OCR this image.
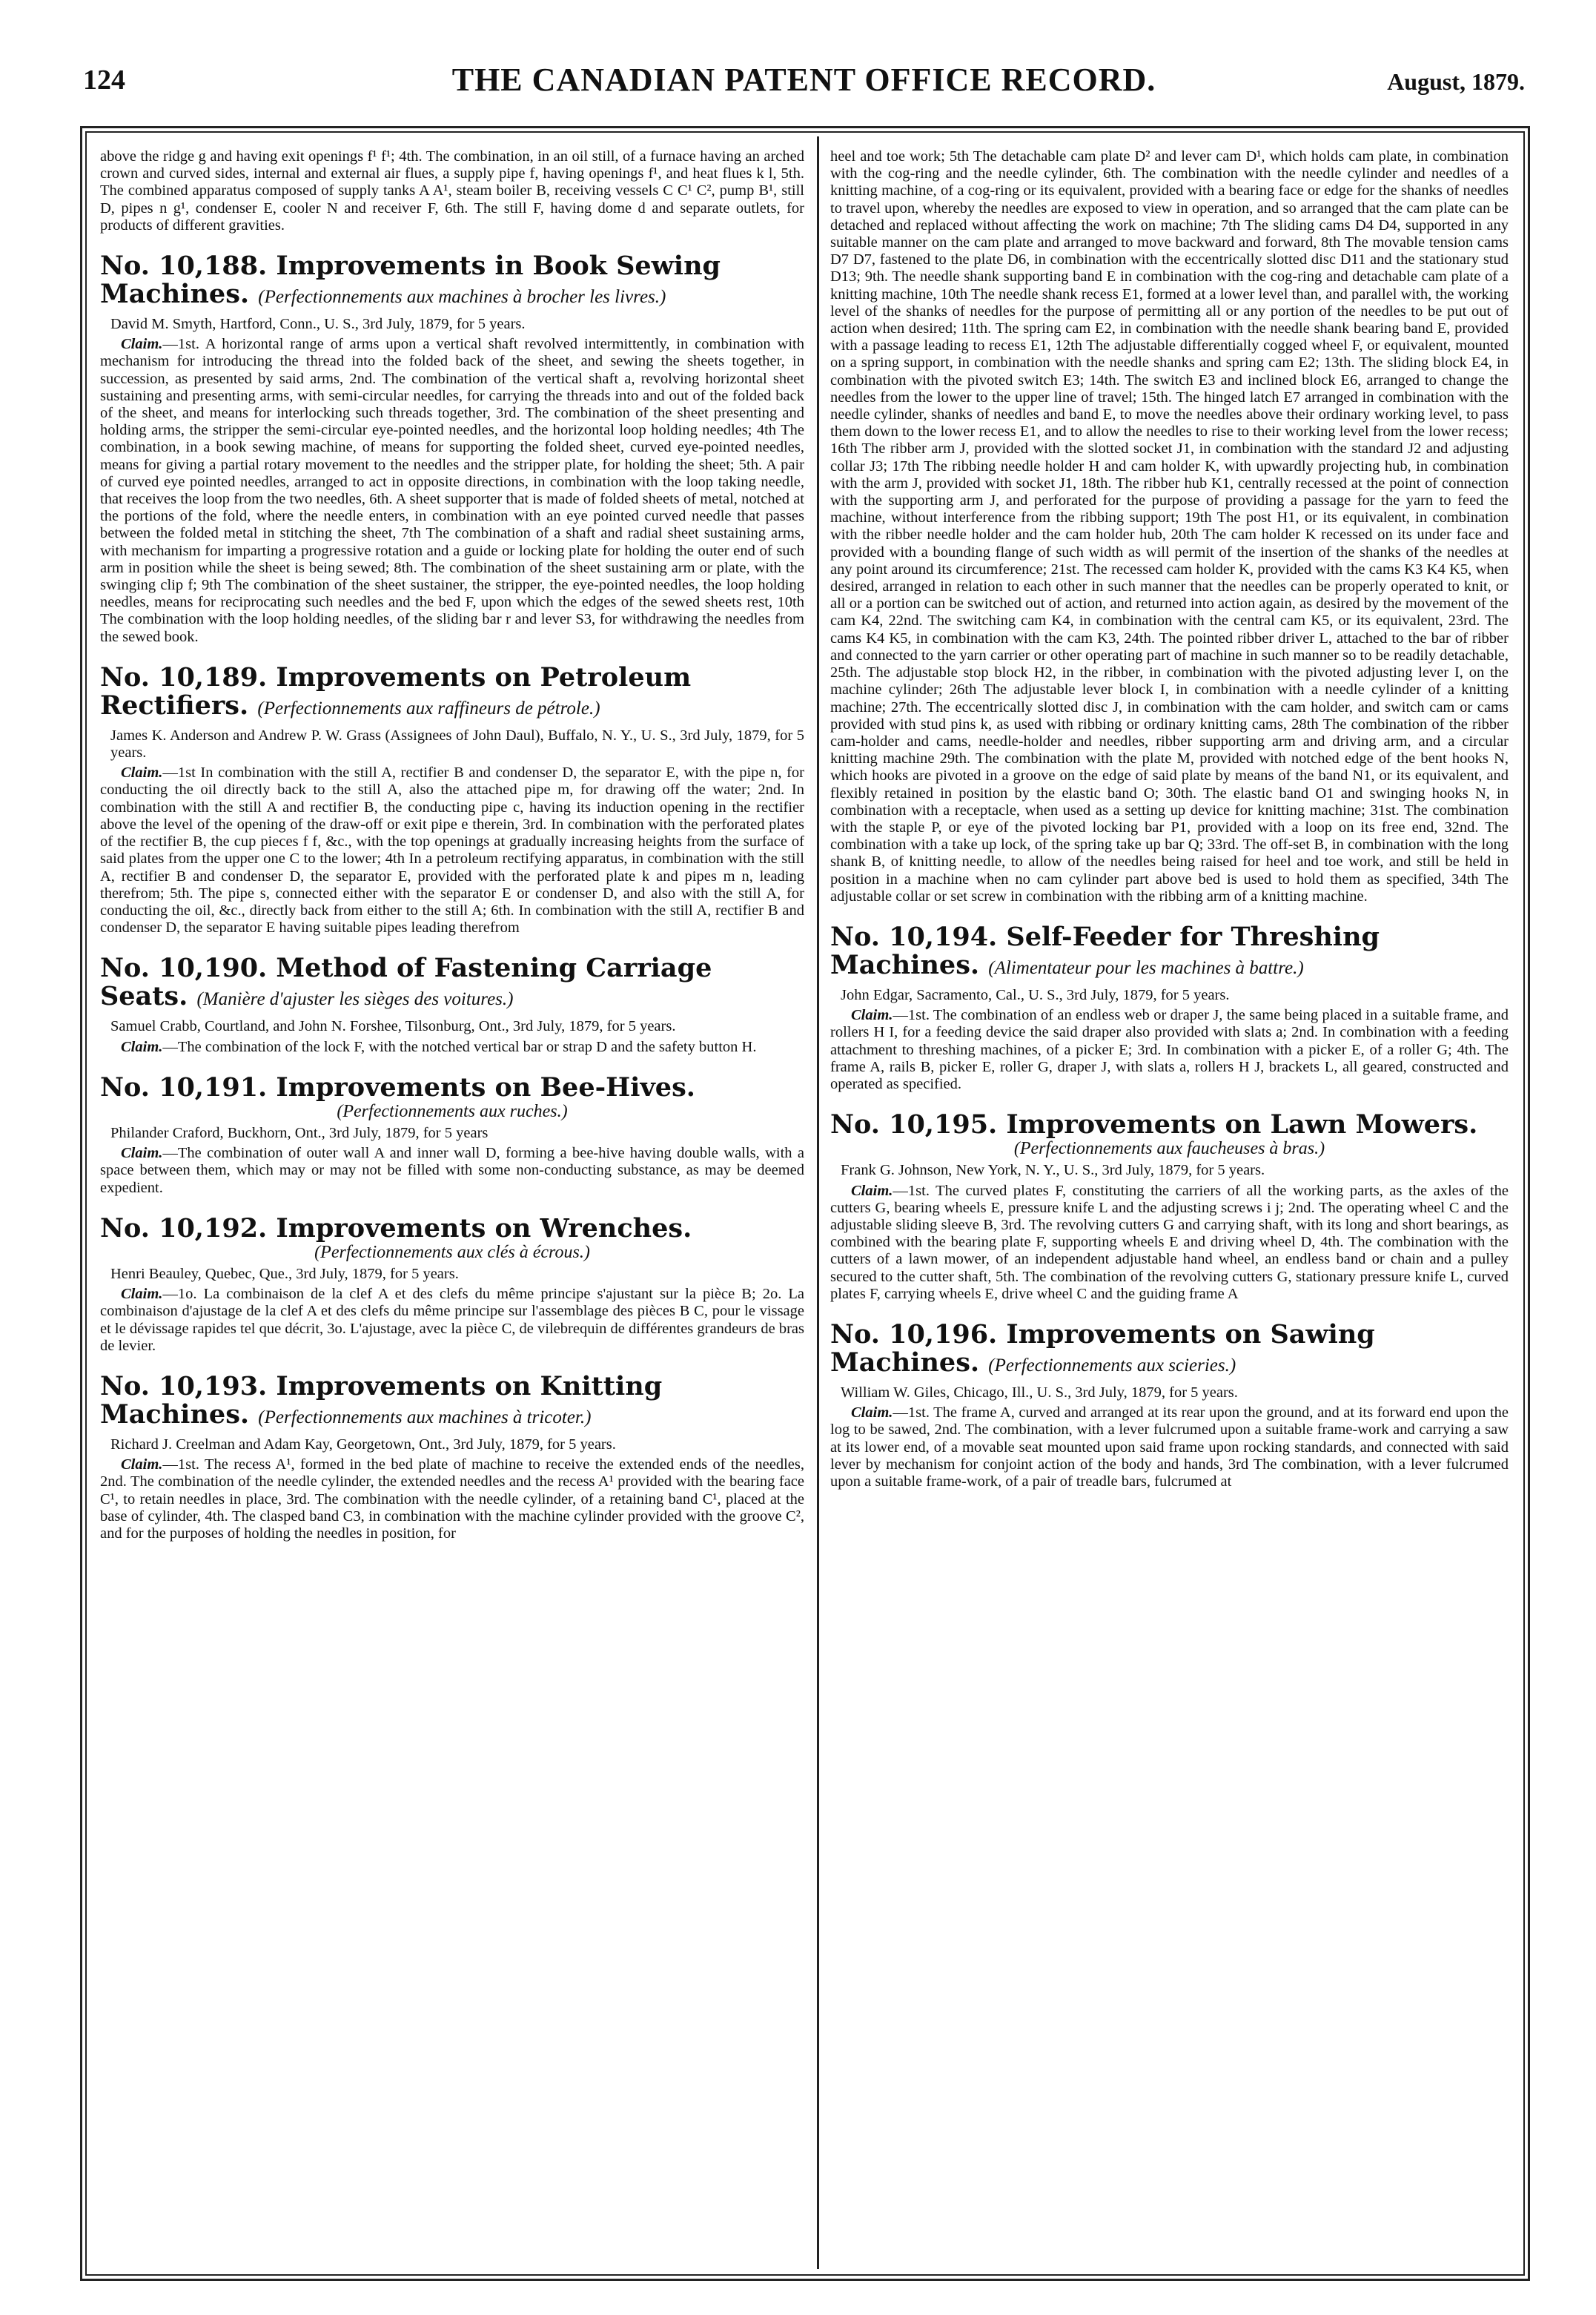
124	THE CANADIAN PATENT OFFICE RECORD.	August, 1879.

above the ridge g and having exit openings f¹ f¹; 4th. The combination, in an oil still, of a furnace having an arched crown and curved sides, internal and external air flues, a supply pipe f, having openings f¹, and heat flues k l, 5th. The combined apparatus composed of supply tanks A A¹, steam boiler B, receiving vessels C C¹ C², pump B¹, still D, pipes n g¹, condenser E, cooler N and receiver F, 6th. The still F, having dome d and separate outlets, for products of different gravities.

No. 10,188. Improvements in Book Sewing Machines. (Perfectionnements aux machines à brocher les livres.)

David M. Smyth, Hartford, Conn., U. S., 3rd July, 1879, for 5 years.

Claim.—1st. A horizontal range of arms upon a vertical shaft revolved intermittently, in combination with mechanism for introducing the thread into the folded back of the sheet, and sewing the sheets together, in succession, as presented by said arms, 2nd. The combination of the vertical shaft a, revolving horizontal sheet sustaining and presenting arms, with semi-circular needles, for carrying the threads into and out of the folded back of the sheet, and means for interlocking such threads together, 3rd. The combination of the sheet presenting and holding arms, the stripper the semi-circular eye-pointed needles, and the horizontal loop holding needles; 4th The combination, in a book sewing machine, of means for supporting the folded sheet, curved eye-pointed needles, means for giving a partial rotary movement to the needles and the stripper plate, for holding the sheet; 5th. A pair of curved eye pointed needles, arranged to act in opposite directions, in combination with the loop taking needle, that receives the loop from the two needles, 6th. A sheet supporter that is made of folded sheets of metal, notched at the portions of the fold, where the needle enters, in combination with an eye pointed curved needle that passes between the folded metal in stitching the sheet, 7th The combination of a shaft and radial sheet sustaining arms, with mechanism for imparting a progressive rotation and a guide or locking plate for holding the outer end of such arm in position while the sheet is being sewed; 8th. The combination of the sheet sustaining arm or plate, with the swinging clip f; 9th The combination of the sheet sustainer, the stripper, the eye-pointed needles, the loop holding needles, means for reciprocating such needles and the bed F, upon which the edges of the sewed sheets rest, 10th The combination with the loop holding needles, of the sliding bar r and lever S3, for withdrawing the needles from the sewed book.

No. 10,189. Improvements on Petroleum Rectifiers. (Perfectionnements aux raffineurs de pétrole.)

James K. Anderson and Andrew P. W. Grass (Assignees of John Daul), Buffalo, N. Y., U. S., 3rd July, 1879, for 5 years.

Claim.—1st In combination with the still A, rectifier B and condenser D, the separator E, with the pipe n, for conducting the oil directly back to the still A, also the attached pipe m, for drawing off the water; 2nd. In combination with the still A and rectifier B, the conducting pipe c, having its induction opening in the rectifier above the level of the opening of the draw-off or exit pipe e therein, 3rd. In combination with the perforated plates of the rectifier B, the cup pieces f f, &c., with the top openings at gradually increasing heights from the surface of said plates from the upper one C to the lower; 4th In a petroleum rectifying apparatus, in combination with the still A, rectifier B and condenser D, the separator E, provided with the perforated plate k and pipes m n, leading therefrom; 5th. The pipe s, connected either with the separator E or condenser D, and also with the still A, for conducting the oil, &c., directly back from either to the still A; 6th. In combination with the still A, rectifier B and condenser D, the separator E having suitable pipes leading therefrom

No. 10,190. Method of Fastening Carriage Seats. (Manière d'ajuster les sièges des voitures.)

Samuel Crabb, Courtland, and John N. Forshee, Tilsonburg, Ont., 3rd July, 1879, for 5 years.

Claim.—The combination of the lock F, with the notched vertical bar or strap D and the safety button H.

No. 10,191. Improvements on Bee-Hives.
(Perfectionnements aux ruches.)

Philander Craford, Buckhorn, Ont., 3rd July, 1879, for 5 years

Claim.—The combination of outer wall A and inner wall D, forming a bee-hive having double walls, with a space between them, which may or may not be filled with some non-conducting substance, as may be deemed expedient.

No. 10,192. Improvements on Wrenches.
(Perfectionnements aux clés à écrous.)

Henri Beauley, Quebec, Que., 3rd July, 1879, for 5 years.

Claim.—1o. La combinaison de la clef A et des clefs du même principe s'ajustant sur la pièce B; 2o. La combinaison d'ajustage de la clef A et des clefs du même principe sur l'assemblage des pièces B C, pour le vissage et le dévissage rapides tel que décrit, 3o. L'ajustage, avec la pièce C, de vilebrequin de différentes grandeurs de bras de levier.

No. 10,193. Improvements on Knitting Machines. (Perfectionnements aux machines à tricoter.)

Richard J. Creelman and Adam Kay, Georgetown, Ont., 3rd July, 1879, for 5 years.

Claim.—1st. The recess A¹, formed in the bed plate of machine to receive the extended ends of the needles, 2nd. The combination of the needle cylinder, the extended needles and the recess A¹ provided with the bearing face C¹, to retain needles in place, 3rd. The combination with the needle cylinder, of a retaining band C¹, placed at the base of cylinder, 4th. The clasped band C3, in combination with the machine cylinder provided with the groove C², and for the purposes of holding the needles in position, for

heel and toe work; 5th The detachable cam plate D² and lever cam D¹, which holds cam plate, in combination with the cog-ring and the needle cylinder, 6th. The combination with the needle cylinder and needles of a knitting machine, of a cog-ring or its equivalent, provided with a bearing face or edge for the shanks of needles to travel upon, whereby the needles are exposed to view in operation, and so arranged that the cam plate can be detached and replaced without affecting the work on machine; 7th The sliding cams D4 D4, supported in any suitable manner on the cam plate and arranged to move backward and forward, 8th The movable tension cams D7 D7, fastened to the plate D6, in combination with the eccentrically slotted disc D11 and the stationary stud D13; 9th. The needle shank supporting band E in combination with the cog-ring and detachable cam plate of a knitting machine, 10th The needle shank recess E1, formed at a lower level than, and parallel with, the working level of the shanks of needles for the purpose of permitting all or any portion of the needles to be put out of action when desired; 11th. The spring cam E2, in combination with the needle shank bearing band E, provided with a passage leading to recess E1, 12th The adjustable differentially cogged wheel F, or equivalent, mounted on a spring support, in combination with the needle shanks and spring cam E2; 13th. The sliding block E4, in combination with the pivoted switch E3; 14th. The switch E3 and inclined block E6, arranged to change the needles from the lower to the upper line of travel; 15th. The hinged latch E7 arranged in combination with the needle cylinder, shanks of needles and band E, to move the needles above their ordinary working level, to pass them down to the lower recess E1, and to allow the needles to rise to their working level from the lower recess; 16th The ribber arm J, provided with the slotted socket J1, in combination with the standard J2 and adjusting collar J3; 17th The ribbing needle holder H and cam holder K, with upwardly projecting hub, in combination with the arm J, provided with socket J1, 18th. The ribber hub K1, centrally recessed at the point of connection with the supporting arm J, and perforated for the purpose of providing a passage for the yarn to feed the machine, without interference from the ribbing support; 19th The post H1, or its equivalent, in combination with the ribber needle holder and the cam holder hub, 20th The cam holder K recessed on its under face and provided with a bounding flange of such width as will permit of the insertion of the shanks of the needles at any point around its circumference; 21st. The recessed cam holder K, provided with the cams K3 K4 K5, when desired, arranged in relation to each other in such manner that the needles can be properly operated to knit, or all or a portion can be switched out of action, and returned into action again, as desired by the movement of the cam K4, 22nd. The switching cam K4, in combination with the central cam K5, or its equivalent, 23rd. The cams K4 K5, in combination with the cam K3, 24th. The pointed ribber driver L, attached to the bar of ribber and connected to the yarn carrier or other operating part of machine in such manner so to be readily detachable, 25th. The adjustable stop block H2, in the ribber, in combination with the pivoted adjusting lever I, on the machine cylinder; 26th The adjustable lever block I, in combination with a needle cylinder of a knitting machine; 27th. The eccentrically slotted disc J, in combination with the cam holder, and switch cam or cams provided with stud pins k, as used with ribbing or ordinary knitting cams, 28th The combination of the ribber cam-holder and cams, needle-holder and needles, ribber supporting arm and driving arm, and a circular knitting machine 29th. The combination with the plate M, provided with notched edge of the bent hooks N, which hooks are pivoted in a groove on the edge of said plate by means of the band N1, or its equivalent, and flexibly retained in position by the elastic band O; 30th. The elastic band O1 and swinging hooks N, in combination with a receptacle, when used as a setting up device for knitting machine; 31st. The combination with the staple P, or eye of the pivoted locking bar P1, provided with a loop on its free end, 32nd. The combination with a take up lock, of the spring take up bar Q; 33rd. The off-set B, in combination with the long shank B, of knitting needle, to allow of the needles being raised for heel and toe work, and still be held in position in a machine when no cam cylinder part above bed is used to hold them as specified, 34th The adjustable collar or set screw in combination with the ribbing arm of a knitting machine.

No. 10,194. Self-Feeder for Threshing Machines. (Alimentateur pour les machines à battre.)

John Edgar, Sacramento, Cal., U. S., 3rd July, 1879, for 5 years.

Claim.—1st. The combination of an endless web or draper J, the same being placed in a suitable frame, and rollers H I, for a feeding device the said draper also provided with slats a; 2nd. In combination with a feeding attachment to threshing machines, of a picker E; 3rd. In combination with a picker E, of a roller G; 4th. The frame A, rails B, picker E, roller G, draper J, with slats a, rollers H J, brackets L, all geared, constructed and operated as specified.

No. 10,195. Improvements on Lawn Mowers.
(Perfectionnements aux faucheuses à bras.)

Frank G. Johnson, New York, N. Y., U. S., 3rd July, 1879, for 5 years.

Claim.—1st. The curved plates F, constituting the carriers of all the working parts, as the axles of the cutters G, bearing wheels E, pressure knife L and the adjusting screws i j; 2nd. The operating wheel C and the adjustable sliding sleeve B, 3rd. The revolving cutters G and carrying shaft, with its long and short bearings, as combined with the bearing plate F, supporting wheels E and driving wheel D, 4th. The combination with the cutters of a lawn mower, of an independent adjustable hand wheel, an endless band or chain and a pulley secured to the cutter shaft, 5th. The combination of the revolving cutters G, stationary pressure knife L, curved plates F, carrying wheels E, drive wheel C and the guiding frame A

No. 10,196. Improvements on Sawing Machines. (Perfectionnements aux scieries.)

William W. Giles, Chicago, Ill., U. S., 3rd July, 1879, for 5 years.

Claim.—1st. The frame A, curved and arranged at its rear upon the ground, and at its forward end upon the log to be sawed, 2nd. The combination, with a lever fulcrumed upon a suitable frame-work and carrying a saw at its lower end, of a movable seat mounted upon said frame upon rocking standards, and connected with said lever by mechanism for conjoint action of the body and hands, 3rd The combination, with a lever fulcrumed upon a suitable frame-work, of a pair of treadle bars, fulcrumed at
